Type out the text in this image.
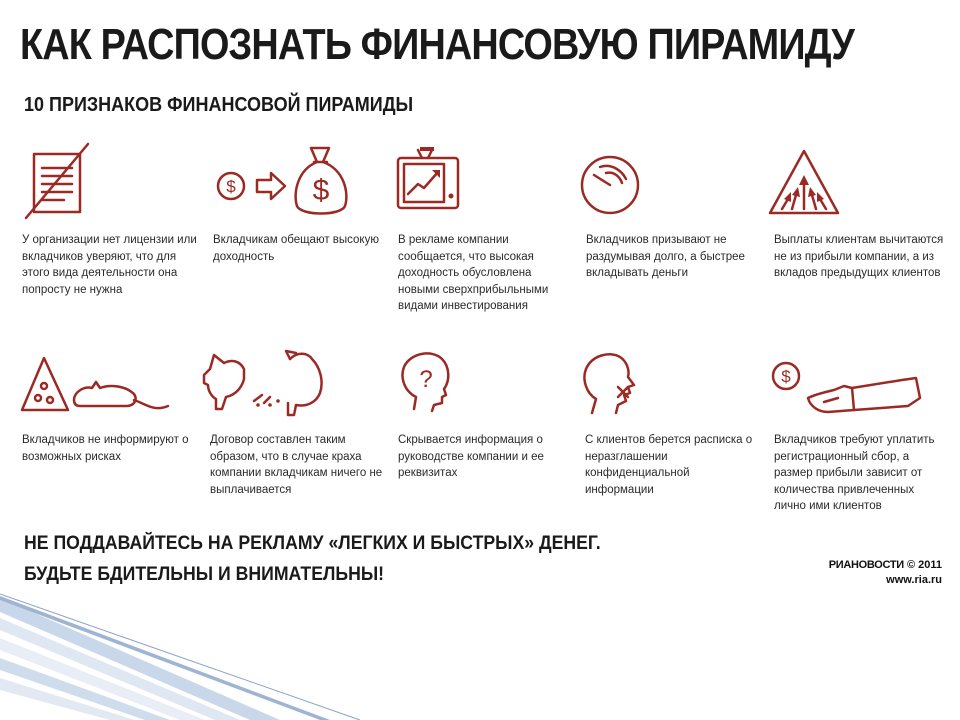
КАК РАСПОЗНАТЬ ФИНАНСОВУЮ ПИРАМИДУ
10 ПРИЗНАКОВ ФИНАНСОВОЙ ПИРАМИДЫ
$	$
У организации нет лицензии или вкладчиков уверяют, что для этого вида деятельности она попросту не нужна
Вкладчикам обещают высокую доходность
В рекламе компании сообщается, что высокая доходность обусловлена новыми сверхприбыльными видами инвестирования
Вкладчиков призывают не раздумывая долго, а быстрее вкладывать деньги
Выплаты клиентам вычитаются не из прибыли компании, а из вкладов предыдущих клиентов
?	$
Вкладчиков не информируют о возможных рисках
Договор составлен таким образом, что в случае краха компании вкладчикам ничего не выплачивается
Скрывается информация о руководстве компании и ее реквизитах
С клиентов берется расписка о неразглашении конфиденциальной информации
Вкладчиков требуют уплатить регистрационный сбор, а размер прибыли зависит от количества привлеченных лично ими клиентов
НЕ ПОДДАВАЙТЕСЬ НА РЕКЛАМУ «ЛЕГКИХ И БЫСТРЫХ» ДЕНЕГ.
БУДЬТЕ БДИТЕЛЬНЫ И ВНИМАТЕЛЬНЫ!	РИАНОВОСТИ © 2011
www.ria.ru
